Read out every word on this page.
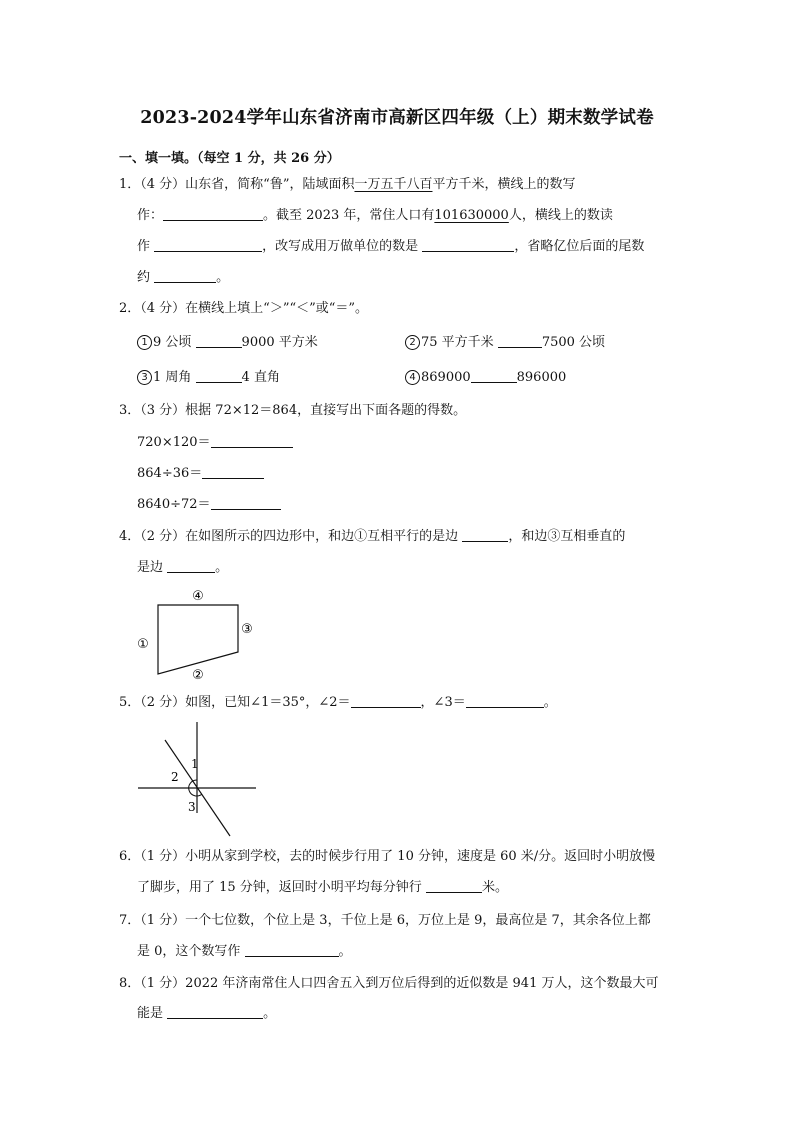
2023-2024学年山东省济南市高新区四年级（上）期末数学试卷
一、填一填。（每空 1 分，共 26 分）
1．（4 分）山东省，简称“鲁”，陆域面积一万五千八百平方千米，横线上的数写
作：	。截至 2023 年，常住人口有101630000人，横线上的数读
作	，改写成用万做单位的数是	，省略亿位后面的尾数
约	。
2．（4 分）在横线上填上“＞”“＜”或“＝”。
1 9 公顷	9000 平方米	2 75 平方千米	7500 公顷
3 1 周角	4 直角	4 869000	896000
3．（3 分）根据 72×12＝864，直接写出下面各题的得数。
720×120＝
864÷36＝
8640÷72＝
4．（2 分）在如图所示的四边形中，和边①互相平行的是边	，和边③互相垂直的
是边	。
④
①
③
②
5．（2 分）如图，已知∠1＝35°，∠2＝	，∠3＝	。
1
2
3
6．（1 分）小明从家到学校，去的时候步行用了 10 分钟，速度是 60 米/分。返回时小明放慢
了脚步，用了 15 分钟，返回时小明平均每分钟行	米。
7．（1 分）一个七位数，个位上是 3，千位上是 6，万位上是 9，最高位是 7，其余各位上都
是 0，这个数写作	。
8．（1 分）2022 年济南常住人口四舍五入到万位后得到的近似数是 941 万人，这个数最大可
能是	。
